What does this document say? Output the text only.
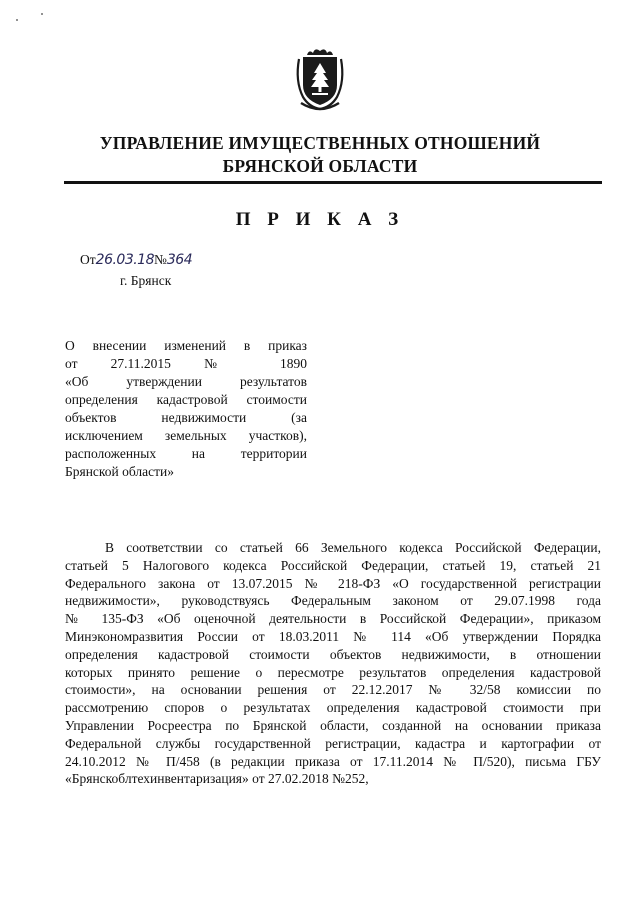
УПРАВЛЕНИЕ ИМУЩЕСТВЕННЫХ ОТНОШЕНИЙ
БРЯНСКОЙ ОБЛАСТИ
П Р И К А З
От26.03.18№364
г. Брянск
О внесении изменений в приказ
от 27.11.2015 № 1890
«Об утверждении результатов
определения кадастровой стоимости
объектов недвижимости (за
исключением земельных участков),
расположенных на территории
Брянской области»
В соответствии со статьей 66 Земельного кодекса Российской Федерации,
статьей 5 Налогового кодекса Российской Федерации, статьей 19, статьей 21
Федерального закона от 13.07.2015 № 218-ФЗ «О государственной регистрации
недвижимости», руководствуясь Федеральным законом от 29.07.1998 года
№ 135-ФЗ «Об оценочной деятельности в Российской Федерации», приказом
Минэкономразвития России от 18.03.2011 № 114 «Об утверждении Порядка
определения кадастровой стоимости объектов недвижимости, в отношении
которых принято решение о пересмотре результатов определения кадастровой
стоимости», на основании решения от 22.12.2017 № 32/58 комиссии по
рассмотрению споров о результатах определения кадастровой стоимости при
Управлении Росреестра по Брянской области, созданной на основании приказа
Федеральной службы государственной регистрации, кадастра и картографии от
24.10.2012 № П/458 (в редакции приказа от 17.11.2014 № П/520), письма ГБУ
«Брянскоблтехинвентаризация» от 27.02.2018 №252,
